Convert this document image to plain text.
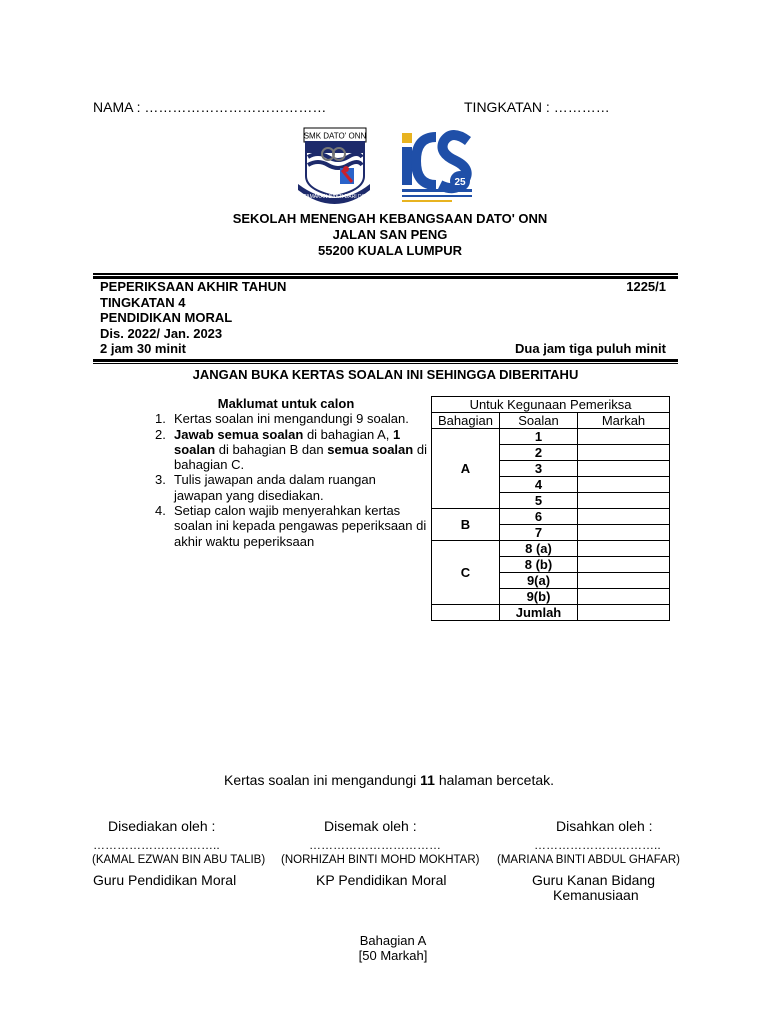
NAMA : …………………………………	TINGKATAN : …………
SMK DATO' ONN
UTAMAKAN BAKTI DARI DIRI
25
SEKOLAH MENENGAH KEBANGSAAN DATO' ONN
JALAN SAN PENG
55200 KUALA LUMPUR
PEPERIKSAAN AKHIR TAHUN	1225/1
TINGKATAN 4
PENDIDIKAN MORAL
Dis. 2022/ Jan. 2023
2 jam 30 minit	Dua jam tiga puluh minit
JANGAN BUKA KERTAS SOALAN INI SEHINGGA DIBERITAHU
Maklumat untuk calon
1. Kertas soalan ini mengandungi 9 soalan.
2. Jawab semua soalan di bahagian A, 1 soalan di bahagian B dan semua soalan di bahagian C.
3. Tulis jawapan anda dalam ruangan jawapan yang disediakan.
4. Setiap calon wajib menyerahkan kertas soalan ini kepada pengawas peperiksaan di akhir waktu peperiksaan
Untuk Kegunaan Pemeriksa		
Bahagian	Soalan	Markah
A	1	
	2	
	3	
	4	
	5	
B	6	
	7	
C	8 (a)	
	8 (b)	
	9(a)	
	9(b)	
	Jumlah	
Kertas soalan ini mengandungi 11 halaman bercetak.
Disediakan oleh :	Disemak oleh :	Disahkan oleh :
…………………………..	……………………………	…………………………..
(KAMAL EZWAN BIN ABU TALIB) (NORHIZAH BINTI MOHD MOKHTAR) (MARIANA BINTI ABDUL GHAFAR)
Guru Pendidikan Moral	KP Pendidikan Moral	Guru Kanan Bidang
Kemanusiaan
Bahagian A
[50 Markah]
